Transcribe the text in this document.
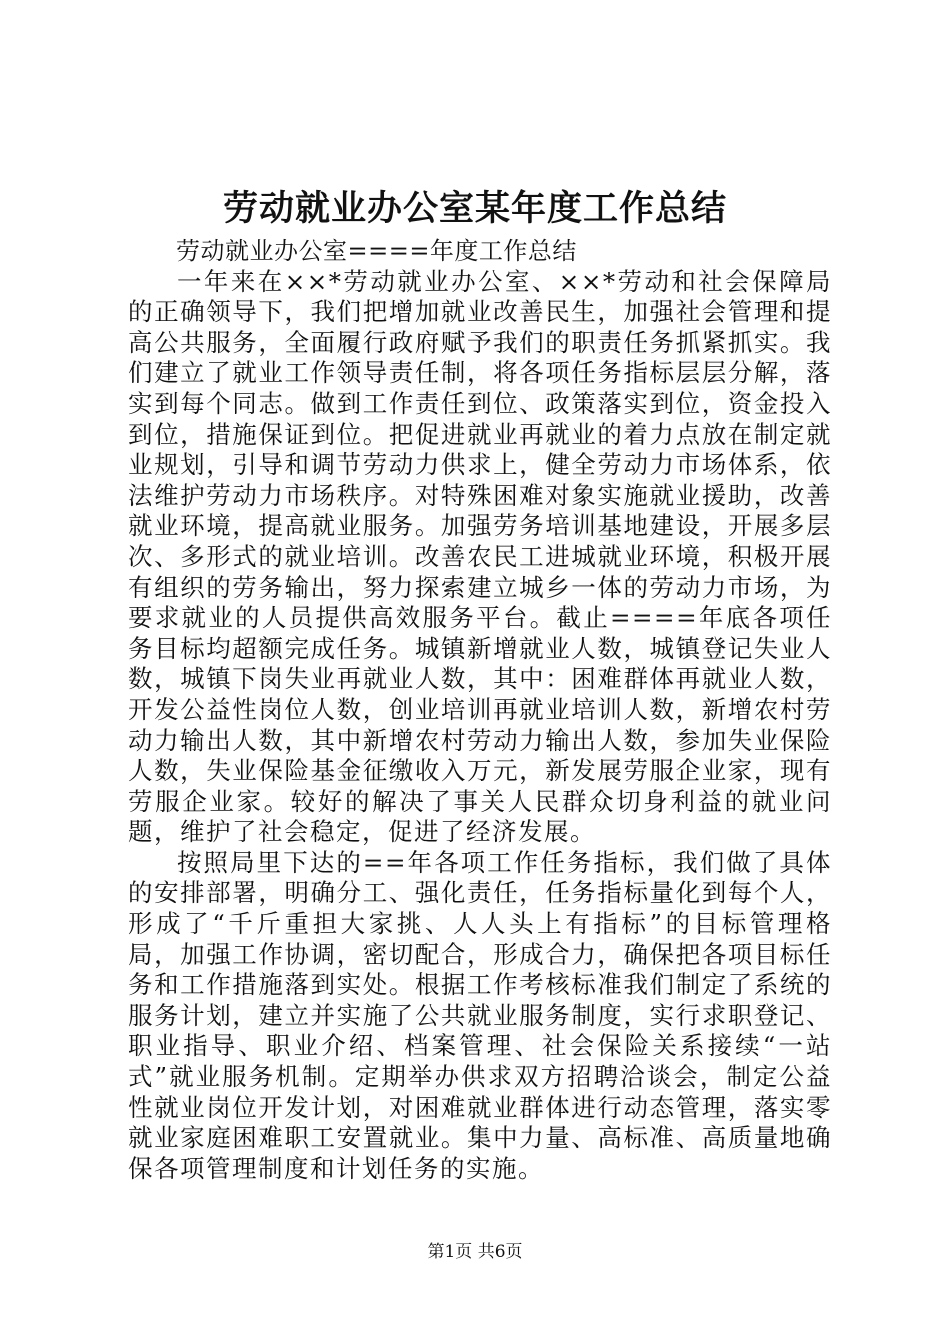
劳动就业办公室某年度工作总结

劳动就业办公室====年度工作总结

一年来在××*劳动就业办公室、××*劳动和社会保障局的正确领导下，我们把增加就业改善民生，加强社会管理和提高公共服务，全面履行政府赋予我们的职责任务抓紧抓实。我们建立了就业工作领导责任制，将各项任务指标层层分解，落实到每个同志。做到工作责任到位、政策落实到位，资金投入到位，措施保证到位。把促进就业再就业的着力点放在制定就业规划，引导和调节劳动力供求上，健全劳动力市场体系，依法维护劳动力市场秩序。对特殊困难对象实施就业援助，改善就业环境，提高就业服务。加强劳务培训基地建设，开展多层次、多形式的就业培训。改善农民工进城就业环境，积极开展有组织的劳务输出，努力探索建立城乡一体的劳动力市场，为要求就业的人员提供高效服务平台。截止====年底各项任务目标均超额完成任务。城镇新增就业人数，城镇登记失业人数，城镇下岗失业再就业人数，其中：困难群体再就业人数，开发公益性岗位人数，创业培训再就业培训人数，新增农村劳动力输出人数，其中新增农村劳动力输出人数，参加失业保险人数，失业保险基金征缴收入万元，新发展劳服企业家，现有劳服企业家。较好的解决了事关人民群众切身利益的就业问题，维护了社会稳定，促进了经济发展。

按照局里下达的==年各项工作任务指标，我们做了具体的安排部署，明确分工、强化责任，任务指标量化到每个人，形成了“千斤重担大家挑、人人头上有指标”的目标管理格局，加强工作协调，密切配合，形成合力，确保把各项目标任务和工作措施落到实处。根据工作考核标准我们制定了系统的服务计划，建立并实施了公共就业服务制度，实行求职登记、职业指导、职业介绍、档案管理、社会保险关系接续“一站式”就业服务机制。定期举办供求双方招聘洽谈会，制定公益性就业岗位开发计划，对困难就业群体进行动态管理，落实零就业家庭困难职工安置就业。集中力量、高标准、高质量地确保各项管理制度和计划任务的实施。

第1页 共6页
